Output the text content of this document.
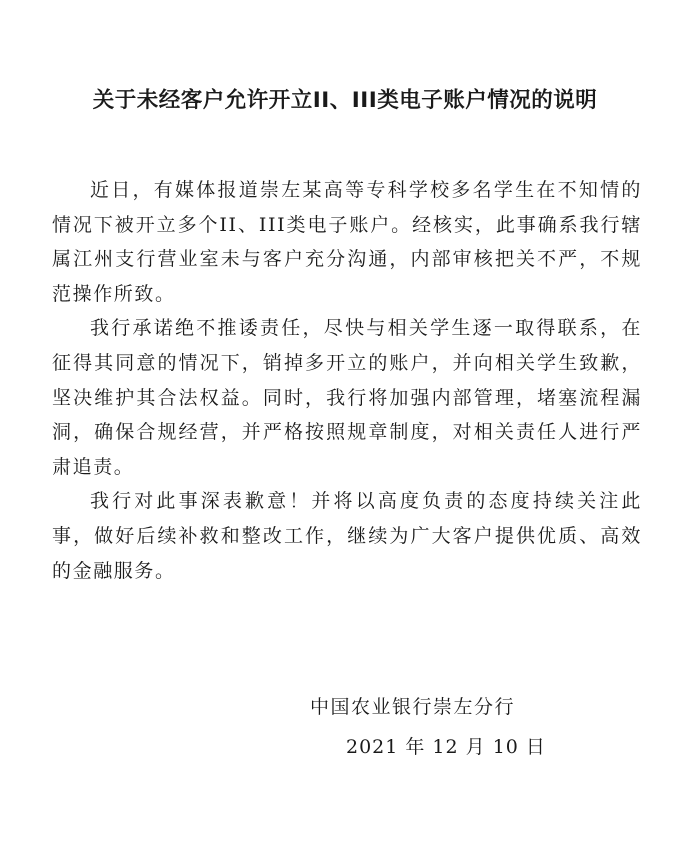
关于未经客户允许开立II、III类电子账户情况的说明

近日，有媒体报道崇左某高等专科学校多名学生在不知情的情况下被开立多个II、III类电子账户。经核实，此事确系我行辖属江州支行营业室未与客户充分沟通，内部审核把关不严，不规范操作所致。

我行承诺绝不推诿责任，尽快与相关学生逐一取得联系，在征得其同意的情况下，销掉多开立的账户，并向相关学生致歉，坚决维护其合法权益。同时，我行将加强内部管理，堵塞流程漏洞，确保合规经营，并严格按照规章制度，对相关责任人进行严肃追责。

我行对此事深表歉意！并将以高度负责的态度持续关注此事，做好后续补救和整改工作，继续为广大客户提供优质、高效的金融服务。

中国农业银行崇左分行
2021 年 12 月 10 日
